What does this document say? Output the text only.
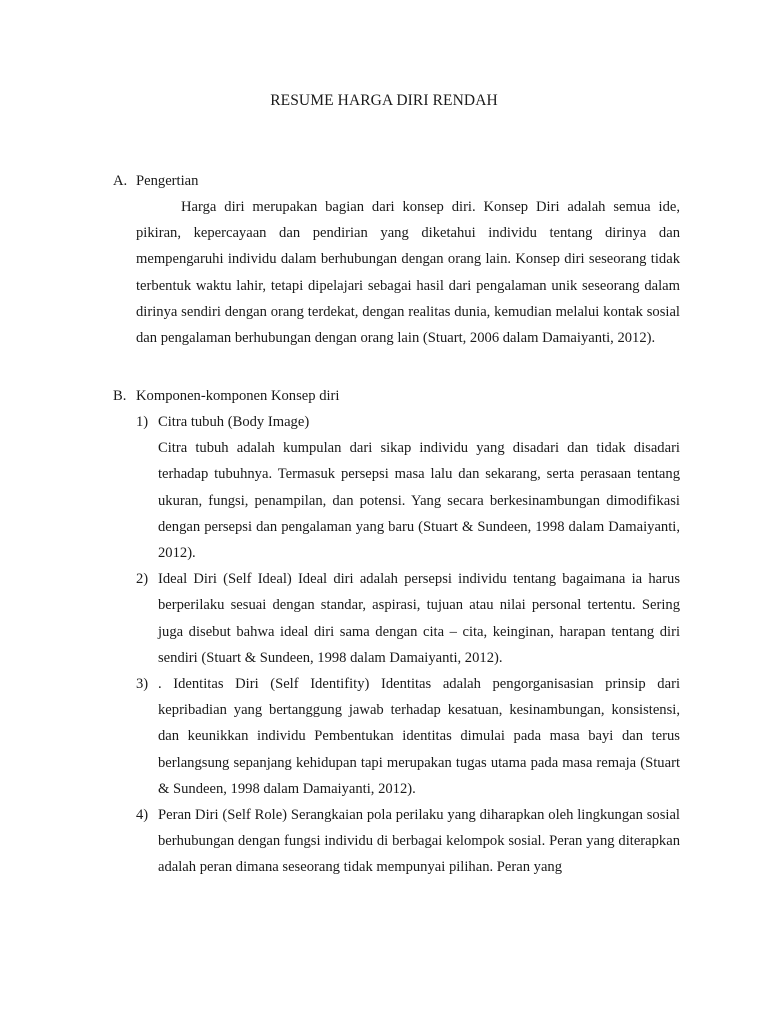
RESUME HARGA DIRI RENDAH
A. Pengertian

Harga diri merupakan bagian dari konsep diri. Konsep Diri adalah semua ide, pikiran, kepercayaan dan pendirian yang diketahui individu tentang dirinya dan mempengaruhi individu dalam berhubungan dengan orang lain. Konsep diri seseorang tidak terbentuk waktu lahir, tetapi dipelajari sebagai hasil dari pengalaman unik seseorang dalam dirinya sendiri dengan orang terdekat, dengan realitas dunia, kemudian melalui kontak sosial dan pengalaman berhubungan dengan orang lain (Stuart, 2006 dalam Damaiyanti, 2012).

B. Komponen-komponen Konsep diri
1) Citra tubuh (Body Image)

Citra tubuh adalah kumpulan dari sikap individu yang disadari dan tidak disadari terhadap tubuhnya. Termasuk persepsi masa lalu dan sekarang, serta perasaan tentang ukuran, fungsi, penampilan, dan potensi. Yang secara berkesinambungan dimodifikasi dengan persepsi dan pengalaman yang baru (Stuart & Sundeen, 1998 dalam Damaiyanti, 2012).

2) Ideal Diri (Self Ideal) Ideal diri adalah persepsi individu tentang bagaimana ia harus berperilaku sesuai dengan standar, aspirasi, tujuan atau nilai personal tertentu. Sering juga disebut bahwa ideal diri sama dengan cita – cita, keinginan, harapan tentang diri sendiri (Stuart & Sundeen, 1998 dalam Damaiyanti, 2012).

3) . Identitas Diri (Self Identifity) Identitas adalah pengorganisasian prinsip dari kepribadian yang bertanggung jawab terhadap kesatuan, kesinambungan, konsistensi, dan keunikkan individu Pembentukan identitas dimulai pada masa bayi dan terus berlangsung sepanjang kehidupan tapi merupakan tugas utama pada masa remaja (Stuart & Sundeen, 1998 dalam Damaiyanti, 2012).

4) Peran Diri (Self Role) Serangkaian pola perilaku yang diharapkan oleh lingkungan sosial berhubungan dengan fungsi individu di berbagai kelompok sosial. Peran yang diterapkan adalah peran dimana seseorang tidak mempunyai pilihan. Peran yang
